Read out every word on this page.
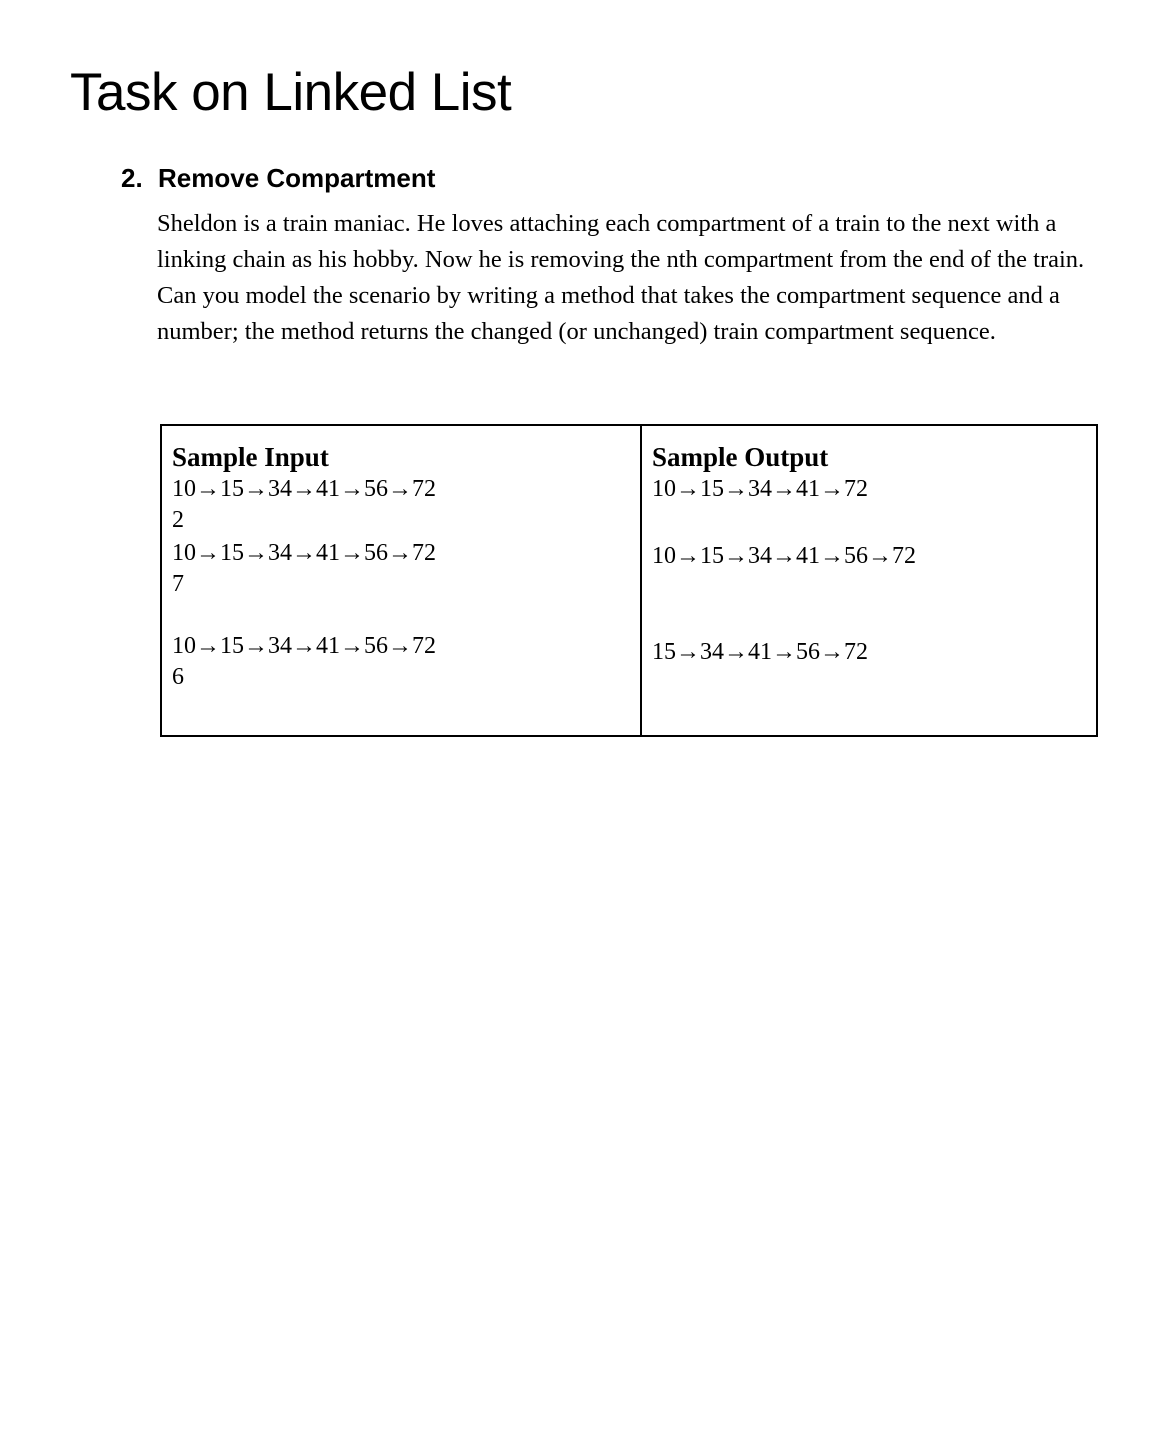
Task on Linked List
2. Remove Compartment

Sheldon is a train maniac. He loves attaching each compartment of a train to the next with a linking chain as his hobby. Now he is removing the nth compartment from the end of the train. Can you model the scenario by writing a method that takes the compartment sequence and a number; the method returns the changed (or unchanged) train compartment sequence.

Sample Input
10→15→34→41→56→72
2
10→15→34→41→56→72
7
10→15→34→41→56→72
6

Sample Output
10→15→34→41→72
10→15→34→41→56→72
15→34→41→56→72
